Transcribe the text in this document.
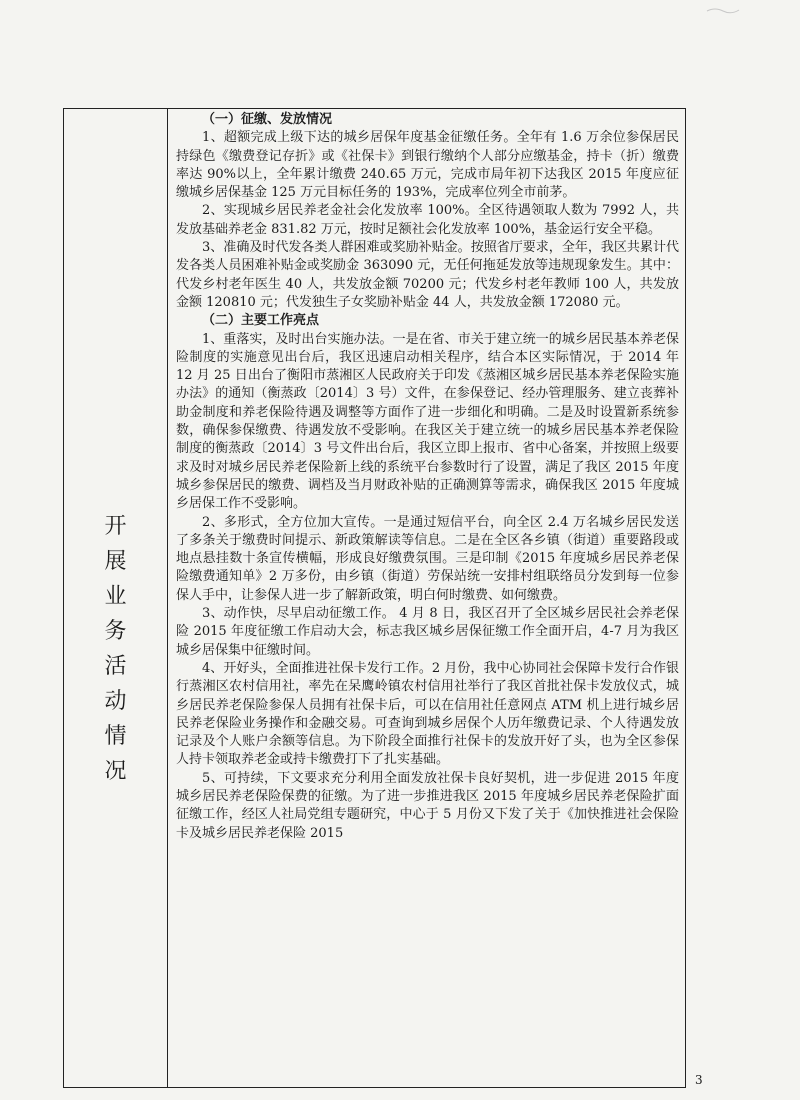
开
展
业
务
活
动
情
况

（一）征缴、发放情况

1、超额完成上级下达的城乡居保年度基金征缴任务。全年有 1.6 万余位参保居民持绿色《缴费登记存折》或《社保卡》到银行缴纳个人部分应缴基金，持卡（折）缴费率达 90%以上，全年累计缴费 240.65 万元，完成市局年初下达我区 2015 年度应征缴城乡居保基金 125 万元目标任务的 193%，完成率位列全市前茅。

2、实现城乡居民养老金社会化发放率 100%。全区待遇领取人数为 7992 人，共发放基础养老金 831.82 万元，按时足额社会化发放率 100%，基金运行安全平稳。

3、准确及时代发各类人群困难或奖励补贴金。按照省厅要求，全年，我区共累计代发各类人员困难补贴金或奖励金 363090 元，无任何拖延发放等违规现象发生。其中：代发乡村老年医生 40 人，共发放金额 70200 元；代发乡村老年教师 100 人，共发放金额 120810 元；代发独生子女奖励补贴金 44 人，共发放金额 172080 元。

（二）主要工作亮点

1、重落实，及时出台实施办法。一是在省、市关于建立统一的城乡居民基本养老保险制度的实施意见出台后，我区迅速启动相关程序，结合本区实际情况，于 2014 年 12 月 25 日出台了衡阳市蒸湘区人民政府关于印发《蒸湘区城乡居民基本养老保险实施办法》的通知（衡蒸政〔2014〕3 号）文件，在参保登记、经办管理服务、建立丧葬补助金制度和养老保险待遇及调整等方面作了进一步细化和明确。二是及时设置新系统参数，确保参保缴费、待遇发放不受影响。在我区关于建立统一的城乡居民基本养老保险制度的衡蒸政〔2014〕3 号文件出台后，我区立即上报市、省中心备案，并按照上级要求及时对城乡居民养老保险新上线的系统平台参数时行了设置，满足了我区 2015 年度城乡参保居民的缴费、调档及当月财政补贴的正确测算等需求，确保我区 2015 年度城乡居保工作不受影响。

2、多形式，全方位加大宣传。一是通过短信平台，向全区 2.4 万名城乡居民发送了多条关于缴费时间提示、新政策解读等信息。二是在全区各乡镇（街道）重要路段或地点悬挂数十条宣传横幅，形成良好缴费氛围。三是印制《2015 年度城乡居民养老保险缴费通知单》2 万多份，由乡镇（街道）劳保站统一安排村组联络员分发到每一位参保人手中，让参保人进一步了解新政策，明白何时缴费、如何缴费。

3、动作快，尽早启动征缴工作。 4 月 8 日，我区召开了全区城乡居民社会养老保险 2015 年度征缴工作启动大会，标志我区城乡居保征缴工作全面开启，4-7 月为我区城乡居保集中征缴时间。

4、开好头，全面推进社保卡发行工作。2 月份，我中心协同社会保障卡发行合作银行蒸湘区农村信用社，率先在呆鹰岭镇农村信用社举行了我区首批社保卡发放仪式，城乡居民养老保险参保人员拥有社保卡后，可以在信用社任意网点 ATM 机上进行城乡居民养老保险业务操作和金融交易。可查询到城乡居保个人历年缴费记录、个人待遇发放记录及个人账户余额等信息。为下阶段全面推行社保卡的发放开好了头，也为全区参保人持卡领取养老金或持卡缴费打下了扎实基础。

5、可持续，下文要求充分利用全面发放社保卡良好契机，进一步促进 2015 年度城乡居民养老保险保费的征缴。为了进一步推进我区 2015 年度城乡居民养老保险扩面征缴工作，经区人社局党组专题研究，中心于 5 月份又下发了关于《加快推进社会保险卡及城乡居民养老保险 2015

3
